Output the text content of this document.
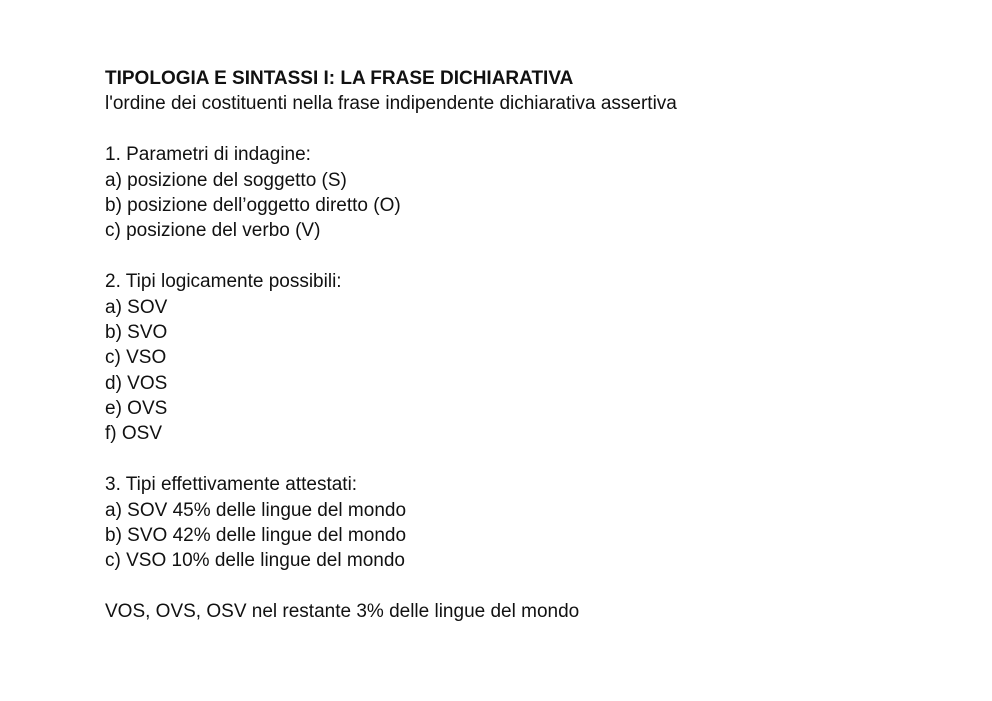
TIPOLOGIA E SINTASSI I: LA FRASE DICHIARATIVA
l'ordine dei costituenti nella frase indipendente dichiarativa assertiva
1. Parametri di indagine:
a) posizione del soggetto (S)
b) posizione dell’oggetto diretto (O)
c) posizione del verbo (V)
2. Tipi logicamente possibili:
a) SOV
b) SVO
c) VSO
d) VOS
e) OVS
f) OSV
3. Tipi effettivamente attestati:
a) SOV 45% delle lingue del mondo
b) SVO 42% delle lingue del mondo
c) VSO 10% delle lingue del mondo
VOS, OVS, OSV nel restante 3% delle lingue del mondo
